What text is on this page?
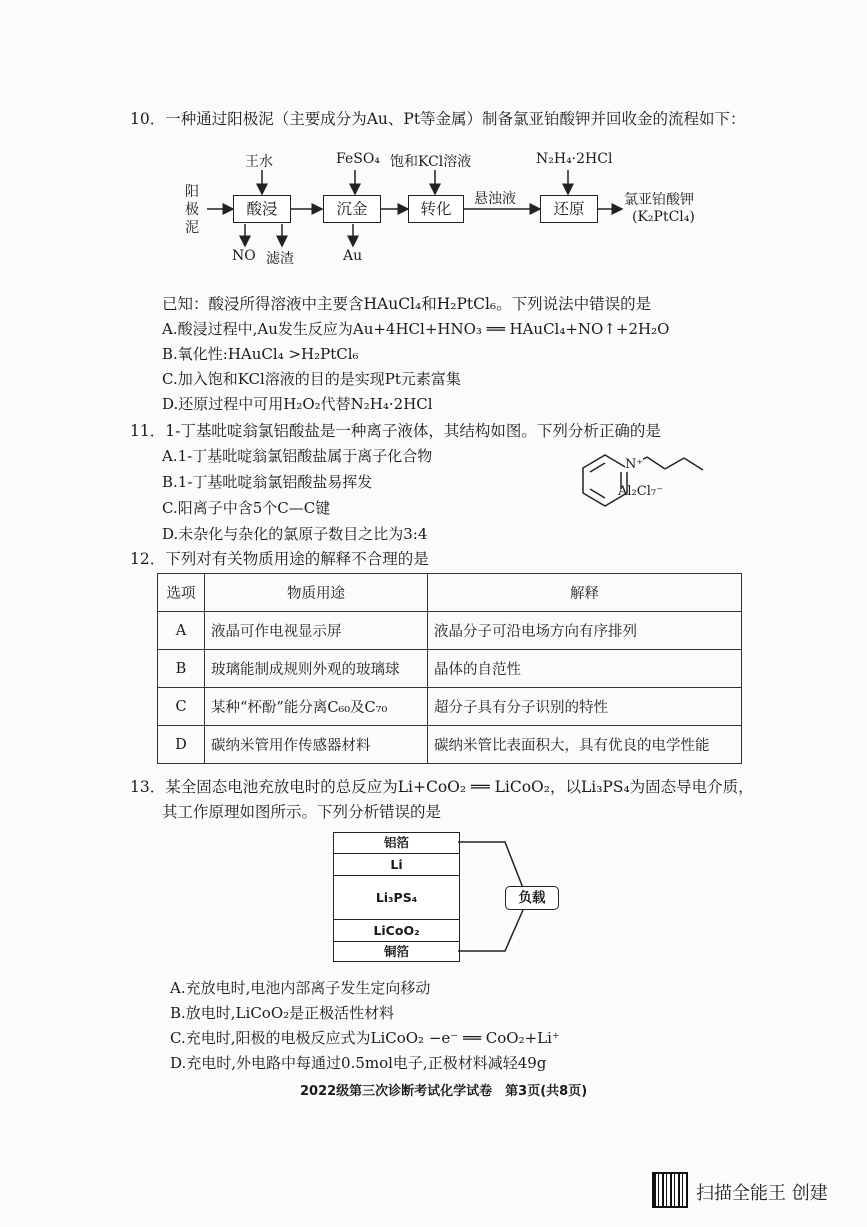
10．一种通过阳极泥（主要成分为Au、Pt等金属）制备氯亚铂酸钾并回收金的流程如下：
阳
极
泥
酸浸	沉金	转化	还原
王水	FeSO₄ 饱和KCl溶液	N₂H₄·2HCl
NO 滤渣	Au
悬浊液	氯亚铂酸钾
(K₂PtCl₄)
已知：酸浸所得溶液中主要含HAuCl₄和H₂PtCl₆。下列说法中错误的是
A.酸浸过程中,Au发生反应为Au+4HCl+HNO₃ ══ HAuCl₄+NO↑+2H₂O
B.氧化性:HAuCl₄ >H₂PtCl₆
C.加入饱和KCl溶液的目的是实现Pt元素富集
D.还原过程中可用H₂O₂代替N₂H₄·2HCl
11．1-丁基吡啶翁氯铝酸盐是一种离子液体，其结构如图。下列分析正确的是
A.1-丁基吡啶翁氯铝酸盐属于离子化合物
B.1-丁基吡啶翁氯铝酸盐易挥发
C.阳离子中含5个C—C键
D.未杂化与杂化的氯原子数目之比为3:4
N⁺
Al₂Cl₇⁻
12．下列对有关物质用途的解释不合理的是
选项	物质用途	解释
A	液晶可作电视显示屏	液晶分子可沿电场方向有序排列
B	玻璃能制成规则外观的玻璃球	晶体的自范性
C	某种“杯酚”能分离C₆₀及C₇₀	超分子具有分子识别的特性
D	碳纳米管用作传感器材料	碳纳米管比表面积大，具有优良的电学性能
13．某全固态电池充放电时的总反应为Li+CoO₂ ══ LiCoO₂，以Li₃PS₄为固态导电介质，
其工作原理如图所示。下列分析错误的是
铝箔
Li
Li₃PS₄
LiCoO₂
铜箔
负载
A.充放电时,电池内部离子发生定向移动
B.放电时,LiCoO₂是正极活性材料
C.充电时,阳极的电极反应式为LiCoO₂ −e⁻ ══ CoO₂+Li⁺
D.充电时,外电路中每通过0.5mol电子,正极材料减轻49g
2022级第三次诊断考试化学试卷　第3页(共8页)
扫描全能王 创建
